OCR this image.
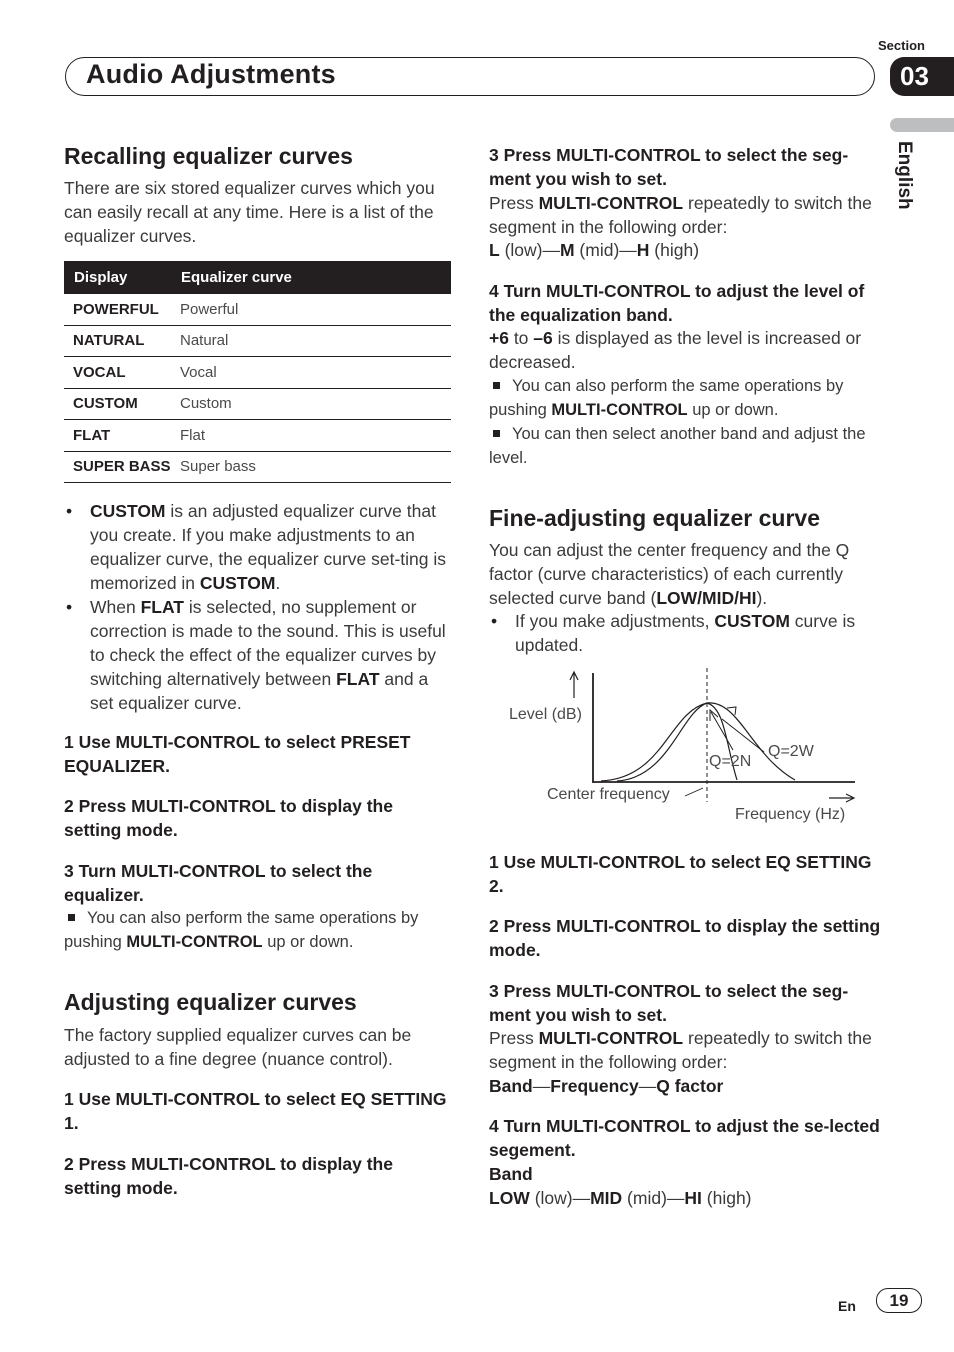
Section
Audio Adjustments	03
English
Recalling equalizer curves
There are six stored equalizer curves which you can easily recall at any time. Here is a list of the equalizer curves.
Display	Equalizer curve
POWERFUL	Powerful
NATURAL	Natural
VOCAL	Vocal
CUSTOM	Custom
FLAT	Flat
SUPER BASS	Super bass
• CUSTOM is an adjusted equalizer curve that you create. If you make adjustments to an equalizer curve, the equalizer curve set-ting is memorized in CUSTOM.
• When FLAT is selected, no supplement or correction is made to the sound. This is useful to check the effect of the equalizer curves by switching alternatively between FLAT and a set equalizer curve.
1 Use MULTI-CONTROL to select PRESET EQUALIZER.
2 Press MULTI-CONTROL to display the setting mode.
3 Turn MULTI-CONTROL to select the equalizer.
You can also perform the same operations by pushing MULTI-CONTROL up or down.
Adjusting equalizer curves
The factory supplied equalizer curves can be adjusted to a fine degree (nuance control).
1 Use MULTI-CONTROL to select EQ SETTING 1.
2 Press MULTI-CONTROL to display the setting mode.
3 Press MULTI-CONTROL to select the seg-ment you wish to set.
Press MULTI-CONTROL repeatedly to switch the segment in the following order:
L (low)—M (mid)—H (high)
4 Turn MULTI-CONTROL to adjust the level of the equalization band.
+6 to –6 is displayed as the level is increased or decreased.
You can also perform the same operations by pushing MULTI-CONTROL up or down.
You can then select another band and adjust the level.
Fine-adjusting equalizer curve
You can adjust the center frequency and the Q factor (curve characteristics) of each currently selected curve band (LOW/MID/HI).
• If you make adjustments, CUSTOM curve is updated.
Level (dB)
Q=2N
Q=2W
Center frequency
Frequency (Hz)
1 Use MULTI-CONTROL to select EQ SETTING 2.
2 Press MULTI-CONTROL to display the setting mode.
3 Press MULTI-CONTROL to select the seg-ment you wish to set.
Press MULTI-CONTROL repeatedly to switch the segment in the following order:
Band—Frequency—Q factor
4 Turn MULTI-CONTROL to adjust the se-lected segement.
Band
LOW (low)—MID (mid)—HI (high)
En	19
